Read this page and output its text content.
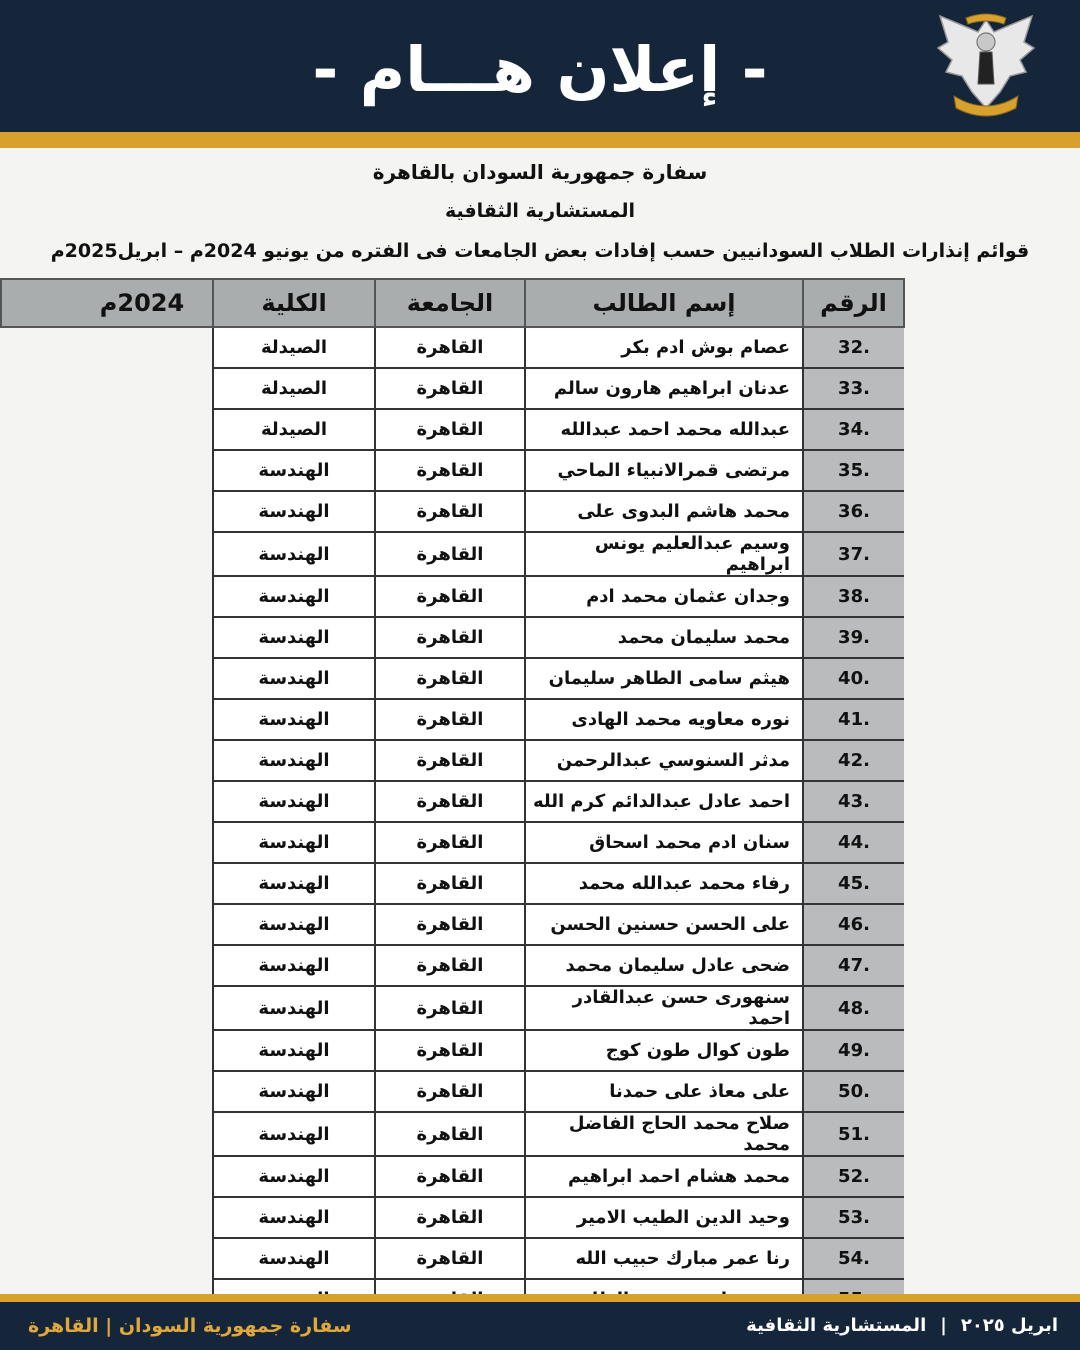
- إعلان هـــام -
سفارة جمهورية السودان بالقاهرة
المستشارية الثقافية
قوائم إنذارات الطلاب السودانيين حسب إفادات بعض الجامعات فى الفتره من يونيو 2024م – ابريل2025م
الرقم	إسم الطالب	الجامعة	الكلية	2024م
.32	عصام بوش ادم بكر	القاهرة	الصيدلة	
.33	عدنان ابراهيم هارون سالم	القاهرة	الصيدلة	
.34	عبدالله محمد احمد عبدالله	القاهرة	الصيدلة	
.35	مرتضى قمرالانبياء الماحي	القاهرة	الهندسة	
.36	محمد هاشم البدوى على	القاهرة	الهندسة	
.37	وسيم عبدالعليم يونس ابراهيم	القاهرة	الهندسة	
.38	وجدان عثمان محمد ادم	القاهرة	الهندسة	
.39	محمد سليمان محمد	القاهرة	الهندسة	
.40	هيثم سامى الطاهر سليمان	القاهرة	الهندسة	
.41	نوره معاويه محمد الهادى	القاهرة	الهندسة	
.42	مدثر السنوسي عبدالرحمن	القاهرة	الهندسة	
.43	احمد عادل عبدالدائم كرم الله	القاهرة	الهندسة	
.44	سنان ادم محمد اسحاق	القاهرة	الهندسة	
.45	رفاء محمد عبدالله محمد	القاهرة	الهندسة	
.46	على الحسن حسنين الحسن	القاهرة	الهندسة	
.47	ضحى عادل سليمان محمد	القاهرة	الهندسة	
.48	سنهورى حسن عبدالقادر احمد	القاهرة	الهندسة	
.49	طون كوال طون كوج	القاهرة	الهندسة	
.50	على معاذ على حمدنا	القاهرة	الهندسة	
.51	صلاح محمد الحاج الفاضل محمد	القاهرة	الهندسة	
.52	محمد هشام احمد ابراهيم	القاهرة	الهندسة	
.53	وحيد الدين الطيب الامير	القاهرة	الهندسة	
.54	رنا عمر مبارك حبيب الله	القاهرة	الهندسة	

سفارة جمهورية السودان | القاهرة	ابريل ٢٠٢٥|المستشارية الثقافية
